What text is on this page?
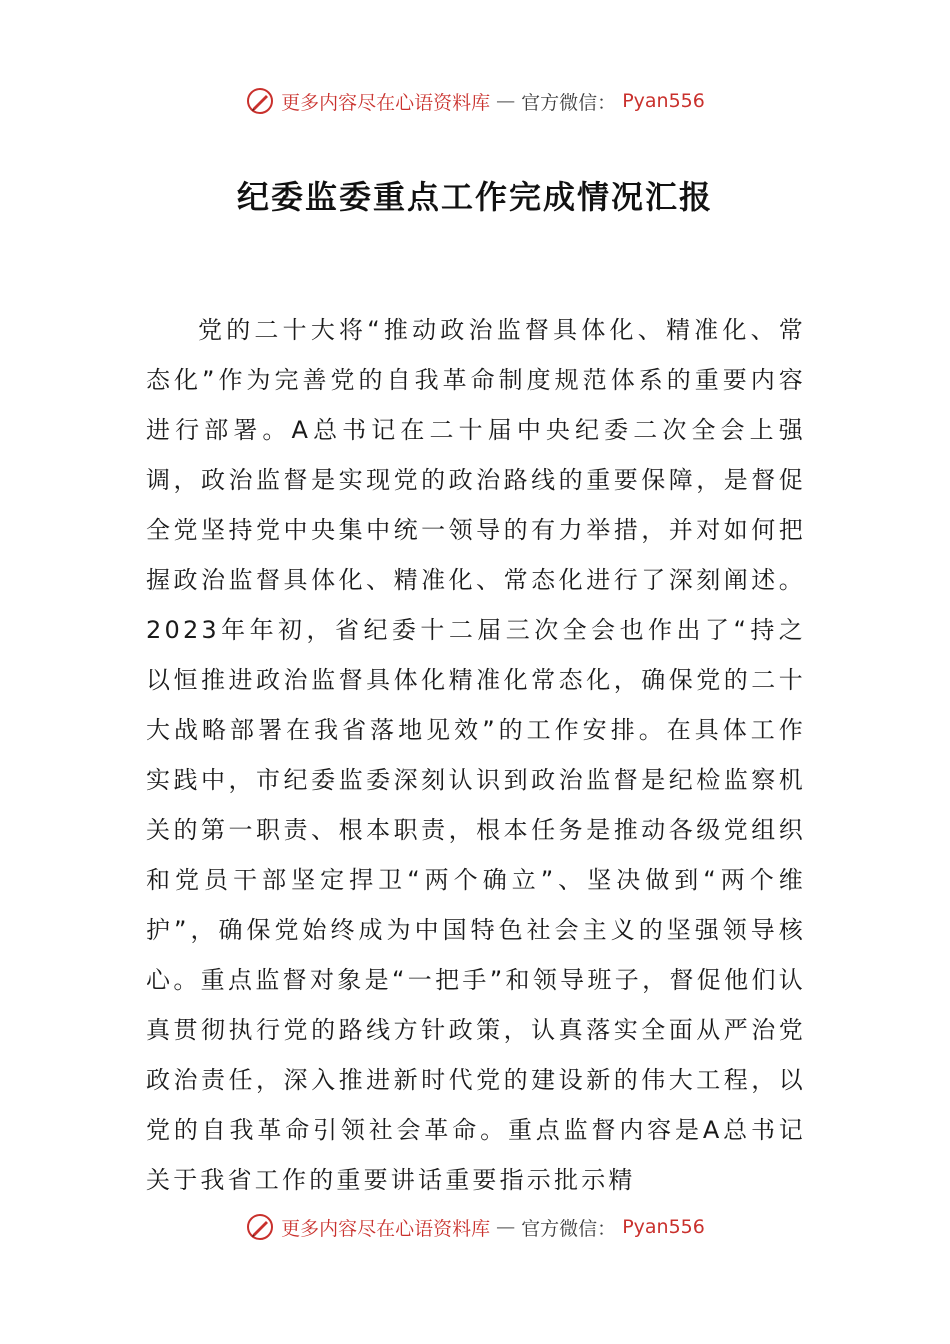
更多内容尽在心语资料库 — 官方微信： Pyan556
纪委监委重点工作完成情况汇报
党的二十大将“推动政治监督具体化、精准化、常态化”作为完善党的自我革命制度规范体系的重要内容进行部署。A总书记在二十届中央纪委二次全会上强调，政治监督是实现党的政治路线的重要保障，是督促全党坚持党中央集中统一领导的有力举措，并对如何把握政治监督具体化、精准化、常态化进行了深刻阐述。2023年年初，省纪委十二届三次全会也作出了“持之以恒推进政治监督具体化精准化常态化，确保党的二十大战略部署在我省落地见效”的工作安排。在具体工作实践中，市纪委监委深刻认识到政治监督是纪检监察机关的第一职责、根本职责，根本任务是推动各级党组织和党员干部坚定捍卫“两个确立”、坚决做到“两个维护”，确保党始终成为中国特色社会主义的坚强领导核心。重点监督对象是“一把手”和领导班子，督促他们认真贯彻执行党的路线方针政策，认真落实全面从严治党政治责任，深入推进新时代党的建设新的伟大工程，以党的自我革命引领社会革命。重点监督内容是A总书记关于我省工作的重要讲话重要指示批示精
更多内容尽在心语资料库 — 官方微信： Pyan556
